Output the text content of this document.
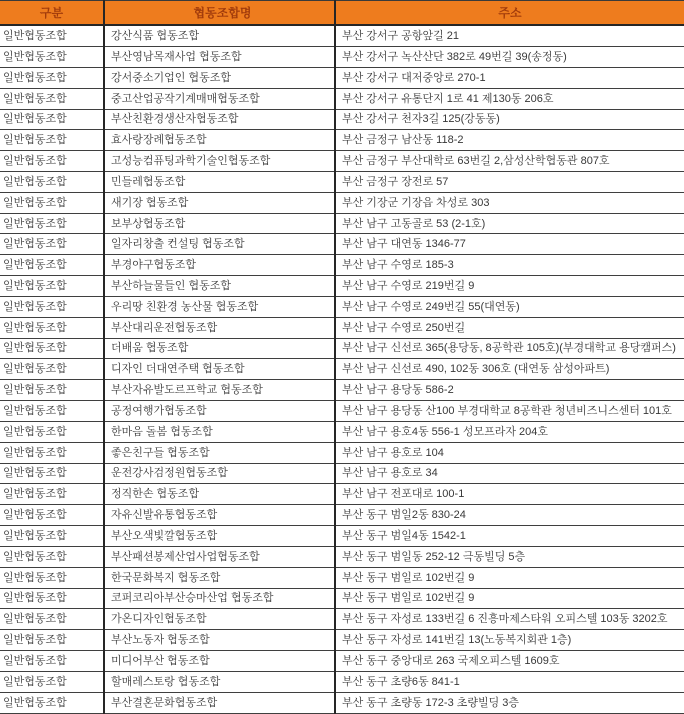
구분	협동조합명	주소
일반협동조합	강산식품 협동조합	부산 강서구 공항앞길 21
일반협동조합	부산영남목재사업 협동조합	부산 강서구 녹산산단 382로 49번길 39(송정동)
일반협동조합	강서중소기업인 협동조합	부산 강서구 대저중앙로 270-1
일반협동조합	중고산업공작기계매매협동조합	부산 강서구 유통단지 1로 41 제130동 206호
일반협동조합	부산친환경생산자협동조합	부산 강서구 천자3길 125(강동동)
일반협동조합	효사랑장례협동조합	부산 금정구 남산동 118-2
일반협동조합	고성능컴퓨팅과학기술인협동조합	부산 금정구 부산대학로 63번길 2,삼성산학협동관 807호
일반협동조합	민들레협동조합	부산 금정구 장전로 57
일반협동조합	새기장 협동조합	부산 기장군 기장읍 차성로 303
일반협동조합	보부상협동조합	부산 남구 고동골로 53 (2-1호)
일반협동조합	일자리창출 컨설팅 협동조합	부산 남구 대연동 1346-77
일반협동조합	부경야구협동조합	부산 남구 수영로 185-3
일반협동조합	부산하늘물들인 협동조합	부산 남구 수영로 219번길 9
일반협동조합	우리땅 친환경 농산물 협동조합	부산 남구 수영로 249번길 55(대연동)
일반협동조합	부산대리운전협동조합	부산 남구 수영로 250번길
일반협동조합	더배움 협동조합	부산 남구 신선로 365(용당동, 8공학관 105호)(부경대학교 용당캠퍼스)
일반협동조합	디자인 더대연주택 협동조합	부산 남구 신선로 490, 102동 306호 (대연동 삼성아파트)
일반협동조합	부산자유발도르프학교 협동조합	부산 남구 용당동 586-2
일반협동조합	공정여행가협동조합	부산 남구 용당동 산100 부경대학교 8공학관 청년비즈니스센터 101호
일반협동조합	한마음 돌봄 협동조합	부산 남구 용호4동 556-1 성모프라자 204호
일반협동조합	좋은친구들 협동조합	부산 남구 용호로 104
일반협동조합	운전강사검정원협동조합	부산 남구 용호로 34
일반협동조합	정직한손 협동조합	부산 남구 전포대로 100-1
일반협동조합	자유신발유통협동조합	부산 동구 범일2동 830-24
일반협동조합	부산오색빛깔협동조합	부산 동구 범일4동 1542-1
일반협동조합	부산패션봉제산업사업협동조합	부산 동구 범일동 252-12 극동빌딩 5층
일반협동조합	한국문화복지 협동조합	부산 동구 범일로 102번길 9
일반협동조합	코퍼코리아부산승마산업 협동조합	부산 동구 범일로 102번길 9
일반협동조합	가온디자인협동조합	부산 동구 자성로 133번길 6 진흥마제스타워 오피스텔 103동 3202호
일반협동조합	부산노동자 협동조합	부산 동구 자성로 141번길 13(노동복지회관 1층)
일반협동조합	미디어부산 협동조합	부산 동구 중앙대로 263 국제오피스텔 1609호
일반협동조합	할매레스토랑 협동조합	부산 동구 초량6동 841-1
일반협동조합	부산결혼문화협동조합	부산 동구 초량동 172-3 초량빌딩 3층
